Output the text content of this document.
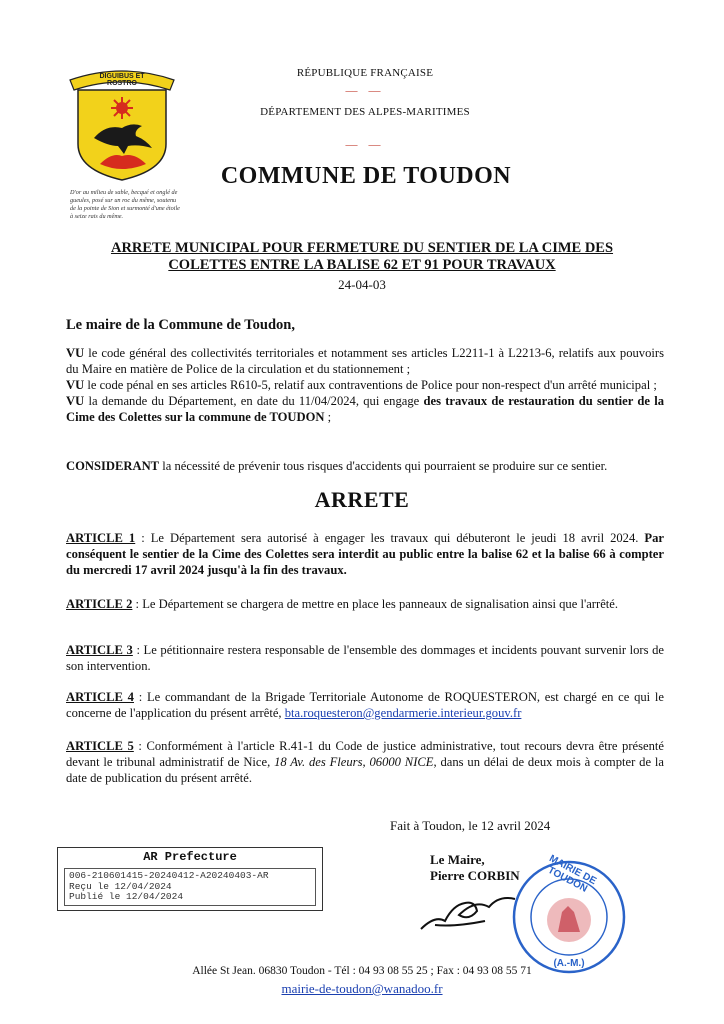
DIGUIBUS ET ROSTRO
D'or au milieu de sable, becqué et onglé de gueules, posé sur un roc du même, soutenu de la pointe de Sion et surmonté d'une étoile à seize rais du même.
RÉPUBLIQUE FRANÇAISE
— —
DÉPARTEMENT DES ALPES-MARITIMES
— —
COMMUNE DE TOUDON
ARRETE MUNICIPAL POUR FERMETURE DU SENTIER DE LA CIME DES
COLETTES ENTRE LA BALISE 62 ET 91 POUR TRAVAUX
24-04-03
Le maire de la Commune de Toudon,
VU le code général des collectivités territoriales et notamment ses articles L2211-1 à L2213-6, relatifs aux pouvoirs du Maire en matière de Police de la circulation et du stationnement ;
VU le code pénal en ses articles R610-5, relatif aux contraventions de Police pour non-respect d'un arrêté municipal ;
VU la demande du Département, en date du 11/04/2024, qui engage des travaux de restauration du sentier de la Cime des Colettes sur la commune de TOUDON ;
CONSIDERANT la nécessité de prévenir tous risques d'accidents qui pourraient se produire sur ce sentier.
ARRETE
ARTICLE 1 : Le Département sera autorisé à engager les travaux qui débuteront le jeudi 18 avril 2024. Par conséquent le sentier de la Cime des Colettes sera interdit au public entre la balise 62 et la balise 66 à compter du mercredi 17 avril 2024 jusqu'à la fin des travaux.
ARTICLE 2 : Le Département se chargera de mettre en place les panneaux de signalisation ainsi que l'arrêté.
ARTICLE 3 : Le pétitionnaire restera responsable de l'ensemble des dommages et incidents pouvant survenir lors de son intervention.
ARTICLE 4 : Le commandant de la Brigade Territoriale Autonome de ROQUESTERON, est chargé en ce qui le concerne de l'application du présent arrêté, bta.roquesteron@gendarmerie.interieur.gouv.fr
ARTICLE 5 : Conformément à l'article R.41-1 du Code de justice administrative, tout recours devra être présenté devant le tribunal administratif de Nice, 18 Av. des Fleurs, 06000 NICE, dans un délai de deux mois à compter de la date de publication du présent arrêté.
Fait à Toudon, le 12 avril 2024
Le Maire,
Pierre CORBIN	MAIRIE DE TOUDON
(A.-M.)
AR Prefecture
006-210601415-20240412-A20240403-AR
Reçu le 12/04/2024
Publié le 12/04/2024
Allée St Jean. 06830 Toudon - Tél : 04 93 08 55 25 ; Fax : 04 93 08 55 71
mairie-de-toudon@wanadoo.fr
